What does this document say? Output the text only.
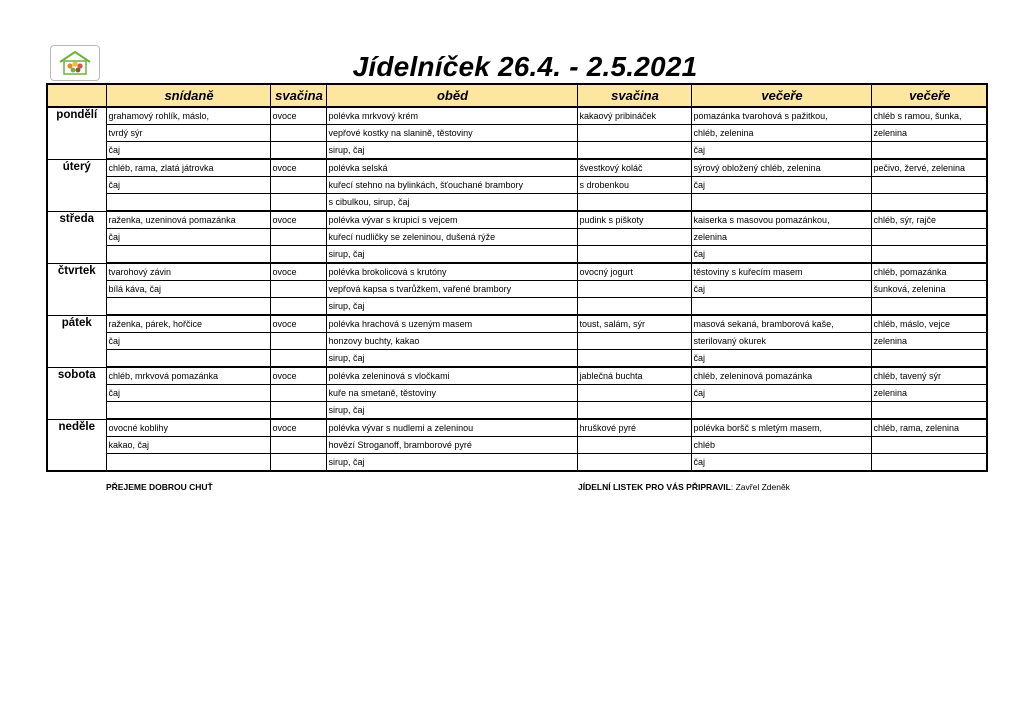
Jídelníček 26.4. - 2.5.2021
	snídaně	svačina	oběd	svačina	večeře	večeře
pondělí	grahamový rohlík, máslo,	ovoce	polévka mrkvový krém	kakaový pribináček	pomazánka tvarohová s pažitkou,	chléb s ramou, šunka,
	tvrdý sýr		vepřové kostky na slanině, těstoviny		chléb, zelenina	zelenina
	čaj		sirup, čaj		čaj	
úterý	chléb, rama, zlatá játrovka	ovoce	polévka selská	švestkový koláč	sýrový obložený chléb, zelenina	pečivo, žervé, zelenina
	čaj		kuřecí stehno na bylinkách, šťouchané brambory	s drobenkou	čaj	
			s cibulkou, sirup, čaj			
středa	raženka, uzeninová pomazánka	ovoce	polévka vývar s krupicí s vejcem	pudink s piškoty	kaiserka s masovou pomazánkou,	chléb, sýr, rajče
	čaj		kuřecí nudličky se zeleninou, dušená rýže		zelenina	
			sirup, čaj		čaj	
čtvrtek	tvarohový závin	ovoce	polévka brokolicová s krutóny	ovocný jogurt	těstoviny s kuřecím masem	chléb, pomazánka
	bílá káva, čaj		vepřová kapsa s tvarůžkem, vařené brambory		čaj	šunková, zelenina
			sirup, čaj			
pátek	raženka, párek, hořčice	ovoce	polévka hrachová s uzeným masem	toust, salám, sýr	masová sekaná, bramborová kaše,	chléb, máslo, vejce
	čaj		honzovy buchty, kakao		sterilovaný okurek	zelenina
			sirup, čaj		čaj	
sobota	chléb, mrkvová pomazánka	ovoce	polévka zeleninová s vločkami	jablečná buchta	chléb, zeleninová pomazánka	chléb, tavený sýr
	čaj		kuře na smetaně, těstoviny		čaj	zelenina
			sirup, čaj			
neděle	ovocné koblihy	ovoce	polévka vývar s nudlemi a zeleninou	hruškové pyré	polévka boršč s mletým masem,	chléb, rama, zelenina
	kakao, čaj		hovězí Stroganoff, bramborové pyré		chléb	
			sirup, čaj		čaj	
PŘEJEME DOBROU CHUŤ	JÍDELNÍ LISTEK PRO VÁS PŘIPRAVIL: Zavřel Zdeněk
